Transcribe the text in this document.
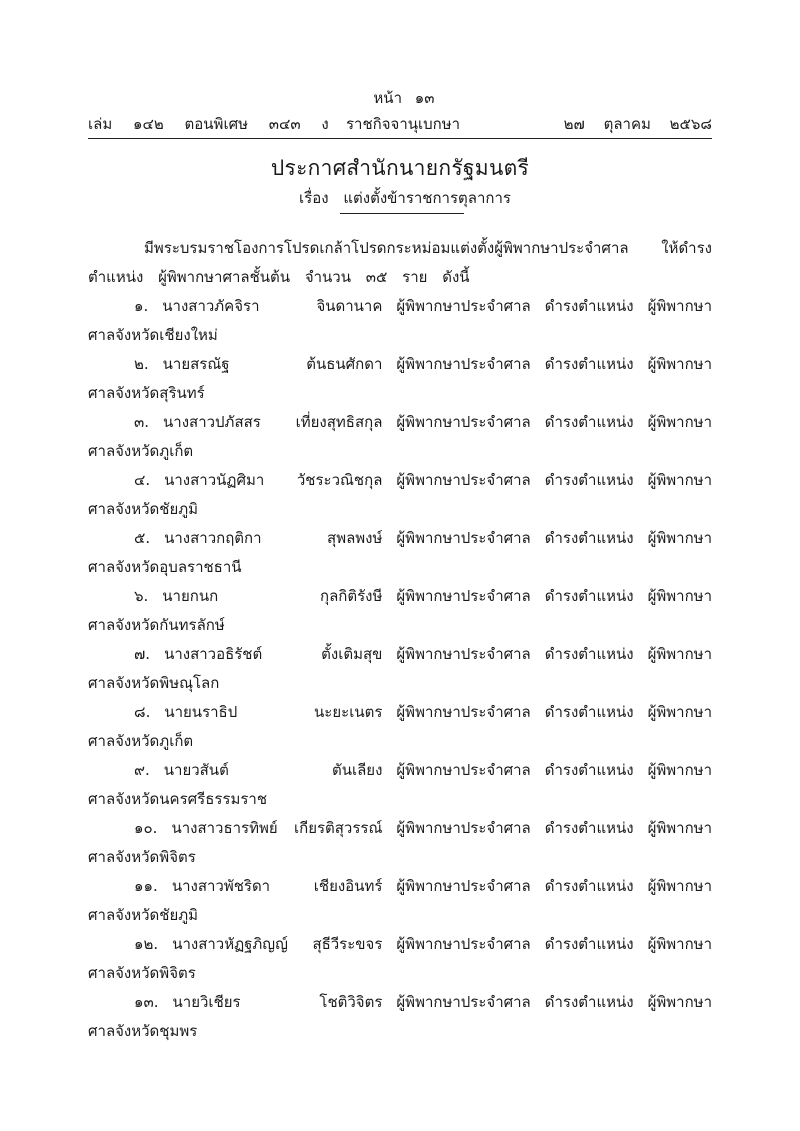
หน้า ๑๓
เล่ม ๑๔๒ ตอนพิเศษ ๓๔๓ ง	ราชกิจจานุเบกษา	๒๗ ตุลาคม ๒๕๖๘
ประกาศสำนักนายกรัฐมนตรี
เรื่อง แต่งตั้งข้าราชการตุลาการ

มีพระบรมราชโองการโปรดเกล้าโปรดกระหม่อมแต่งตั้งผู้พิพากษาประจำศาล ให้ดำรงตำแหน่ง ผู้พิพากษาศาลชั้นต้น จำนวน ๓๕ ราย ดังนี้

๑. นางสาวภัคจิรา จินดานาค ผู้พิพากษาประจำศาล ดำรงตำแหน่ง ผู้พิพากษา
ศาลจังหวัดเชียงใหม่

๒. นายสรณัฐ ต้นธนศักดา ผู้พิพากษาประจำศาล ดำรงตำแหน่ง ผู้พิพากษา
ศาลจังหวัดสุรินทร์

๓. นางสาวปภัสสร เที่ยงสุทธิสกุล ผู้พิพากษาประจำศาล ดำรงตำแหน่ง ผู้พิพากษา
ศาลจังหวัดภูเก็ต

๔. นางสาวนัฏศิมา วัชระวณิชกุล ผู้พิพากษาประจำศาล ดำรงตำแหน่ง ผู้พิพากษา
ศาลจังหวัดชัยภูมิ

๕. นางสาวกฤติกา สุพลพงษ์ ผู้พิพากษาประจำศาล ดำรงตำแหน่ง ผู้พิพากษา
ศาลจังหวัดอุบลราชธานี

๖. นายกนก กุลกิติรังษี ผู้พิพากษาประจำศาล ดำรงตำแหน่ง ผู้พิพากษา
ศาลจังหวัดกันทรลักษ์

๗. นางสาวอธิรัชต์ ตั้งเติมสุข ผู้พิพากษาประจำศาล ดำรงตำแหน่ง ผู้พิพากษา
ศาลจังหวัดพิษณุโลก

๘. นายนราธิป นะยะเนตร ผู้พิพากษาประจำศาล ดำรงตำแหน่ง ผู้พิพากษา
ศาลจังหวัดภูเก็ต

๙. นายวสันต์ ตันเลียง ผู้พิพากษาประจำศาล ดำรงตำแหน่ง ผู้พิพากษา
ศาลจังหวัดนครศรีธรรมราช

๑๐. นางสาวธารทิพย์ เกียรติสุวรรณ์ ผู้พิพากษาประจำศาล ดำรงตำแหน่ง ผู้พิพากษา
ศาลจังหวัดพิจิตร

๑๑. นางสาวพัชริดา เชียงอินทร์ ผู้พิพากษาประจำศาล ดำรงตำแหน่ง ผู้พิพากษา
ศาลจังหวัดชัยภูมิ

๑๒. นางสาวหัฏฐภิญญ์ สุธีวีระขจร ผู้พิพากษาประจำศาล ดำรงตำแหน่ง ผู้พิพากษา
ศาลจังหวัดพิจิตร

๑๓. นายวิเชียร โชติวิจิตร ผู้พิพากษาประจำศาล ดำรงตำแหน่ง ผู้พิพากษา
ศาลจังหวัดชุมพร
